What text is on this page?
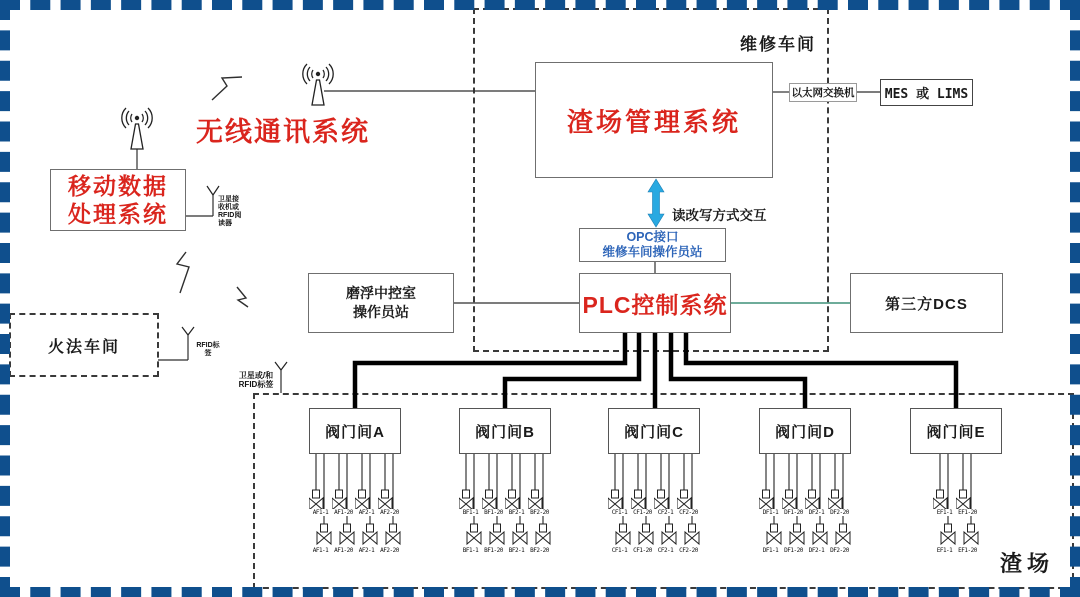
维修车间
渣场
火法车间
无线通讯系统	渣场管理系统
以太网交换机 MES 或 LIMS
移动数据
处理系统
磨浮中控室
操作员站
OPC接口
维修车间操作员站
PLC控制系统	第三方DCS
读改写方式交互
卫星接
收机或
RFID阅
读器
RFID标
签
卫星或/和
RFID标签
阀门间A
AF1-1
AF1-1
AF1-20
AF1-20
AF2-1
AF2-1
AF2-20
AF2-20
阀门间B
BF1-1
BF1-1
BF1-20
BF1-20
BF2-1
BF2-1
BF2-20
BF2-20
阀门间C
CF1-1
CF1-1
CF1-20
CF1-20
CF2-1
CF2-1
CF2-20
CF2-20
阀门间D
DF1-1
DF1-1
DF1-20
DF1-20
DF2-1
DF2-1
DF2-20
DF2-20
阀门间E
EF1-1
EF1-1
EF1-20
EF1-20
